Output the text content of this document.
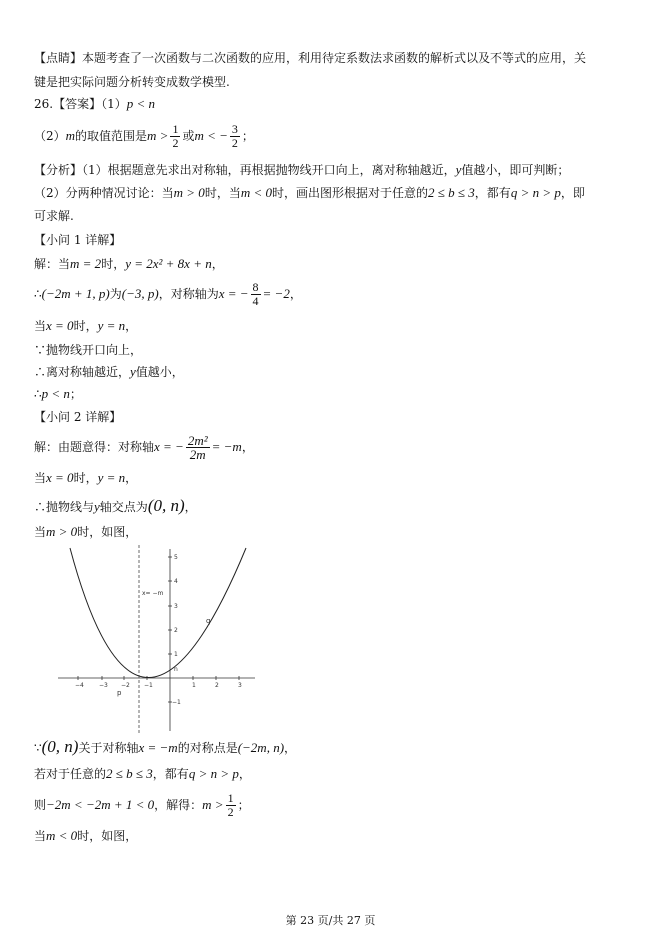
【点睛】本题考查了一次函数与二次函数的应用，利用待定系数法求函数的解析式以及不等式的应用，关
键是把实际问题分析转变成数学模型.
26.【答案】（1）p < n
（2）m的取值范围是$m > \frac{1}{2}$ 或m < − $\frac{3}{2}$ ；
【分析】（1）根据题意先求出对称轴，再根据抛物线开口向上，离对称轴越近，y值越小，即可判断；
（2）分两种情况讨论：当m > 0时，当m < 0时，画出图形根据对于任意的2 ≤ b ≤ 3，都有q > n > p，即
可求解.
【小问 1 详解】
解：当m = 2时，y = 2x² + 8x + n，
∴(−2m + 1, p)为(−3, p)，对称轴为x = − $\frac{8}{4} = -2$，
当x = 0时，y = n，
∵抛物线开口向上，
∴离对称轴越近，y值越小，
∴p < n；
【小问 2 详解】
解：由题意得：对称轴x = − $\frac{\text{2m²}}{2m} = -m$，
当x = 0时，y = n，
∴抛物线与y轴交点为(0, n)，
当m > 0时，如图，
−4	−3 −2 −1	1	2	3
5
4
3
2
1
−1
x= −m
q
p
n
∵(0, n)关于对称轴x = −m的对称点是(−2m, n)，
若对于任意的2 ≤ b ≤ 3，都有q > n > p，
则−2m < −2m + 1 < 0，解得：$m > \frac{1}{2}$ ；
当m < 0时，如图，
第 23 页/共 27 页
